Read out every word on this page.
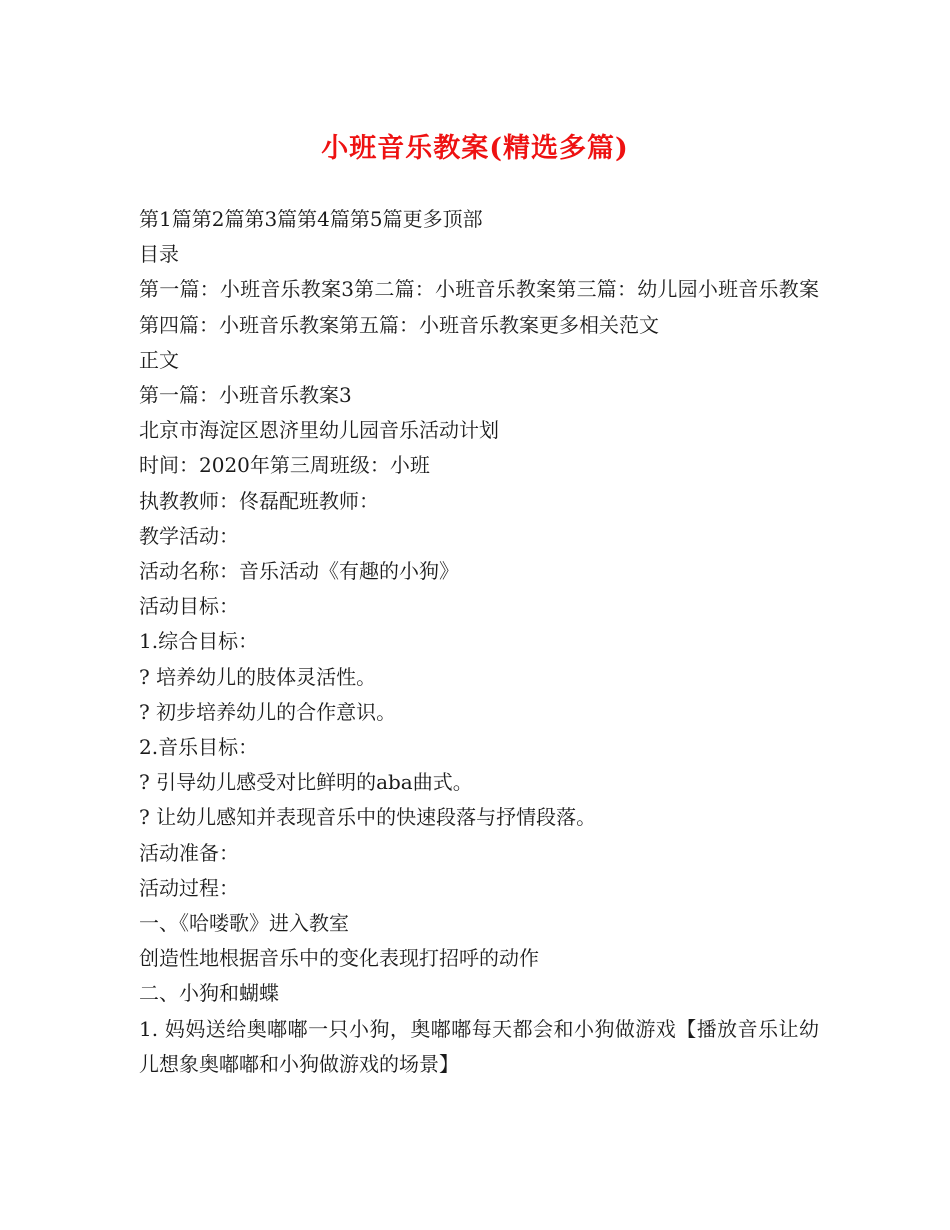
小班音乐教案(精选多篇)

第1篇第2篇第3篇第4篇第5篇更多顶部

目录

第一篇：小班音乐教案3第二篇：小班音乐教案第三篇：幼儿园小班音乐教案第四篇：小班音乐教案第五篇：小班音乐教案更多相关范文

正文

第一篇：小班音乐教案3

北京市海淀区恩济里幼儿园音乐活动计划

时间：2020年第三周班级：小班

执教教师：佟磊配班教师：

教学活动：

活动名称：音乐活动《有趣的小狗》

活动目标：

1.综合目标：

? 培养幼儿的肢体灵活性。

? 初步培养幼儿的合作意识。

2.音乐目标：

? 引导幼儿感受对比鲜明的aba曲式。

? 让幼儿感知并表现音乐中的快速段落与抒情段落。

活动准备：

活动过程：

一、《哈喽歌》进入教室

创造性地根据音乐中的变化表现打招呼的动作

二、小狗和蝴蝶

1. 妈妈送给奥嘟嘟一只小狗，奥嘟嘟每天都会和小狗做游戏【播放音乐让幼儿想象奥嘟嘟和小狗做游戏的场景】
